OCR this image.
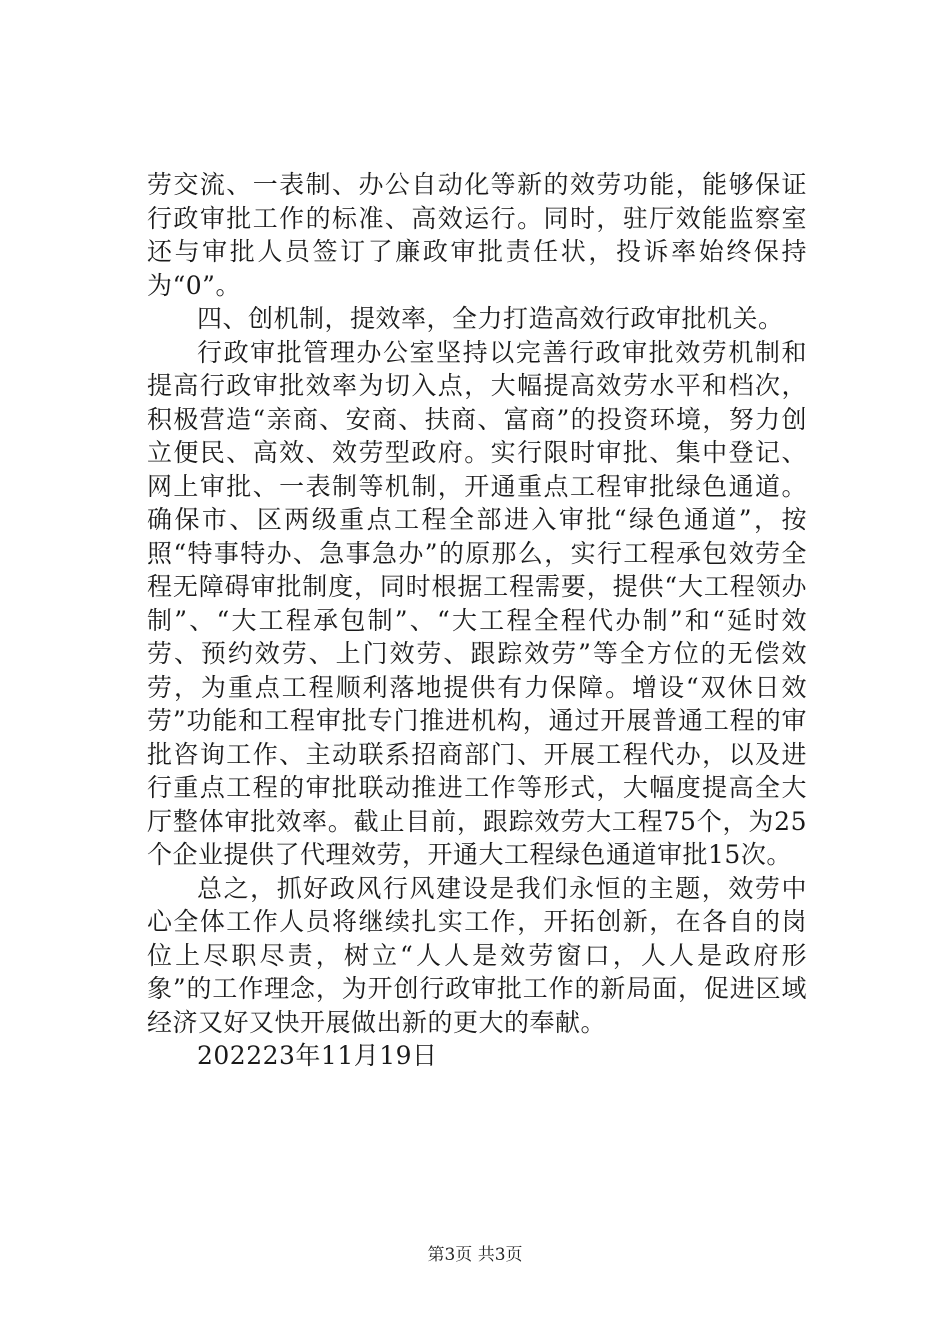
劳交流、一表制、办公自动化等新的效劳功能，能够保证行政审批工作的标准、高效运行。同时，驻厅效能监察室还与审批人员签订了廉政审批责任状，投诉率始终保持为“0”。

四、创机制，提效率，全力打造高效行政审批机关。

行政审批管理办公室坚持以完善行政审批效劳机制和提高行政审批效率为切入点，大幅提高效劳水平和档次，积极营造“亲商、安商、扶商、富商”的投资环境，努力创立便民、高效、效劳型政府。实行限时审批、集中登记、网上审批、一表制等机制，开通重点工程审批绿色通道。确保市、区两级重点工程全部进入审批“绿色通道”，按照“特事特办、急事急办”的原那么，实行工程承包效劳全程无障碍审批制度，同时根据工程需要，提供“大工程领办制”、“大工程承包制”、“大工程全程代办制”和“延时效劳、预约效劳、上门效劳、跟踪效劳”等全方位的无偿效劳，为重点工程顺利落地提供有力保障。增设“双休日效劳”功能和工程审批专门推进机构，通过开展普通工程的审批咨询工作、主动联系招商部门、开展工程代办，以及进行重点工程的审批联动推进工作等形式，大幅度提高全大厅整体审批效率。截止目前，跟踪效劳大工程75个，为25个企业提供了代理效劳，开通大工程绿色通道审批15次。

总之，抓好政风行风建设是我们永恒的主题，效劳中心全体工作人员将继续扎实工作，开拓创新，在各自的岗位上尽职尽责，树立“人人是效劳窗口，人人是政府形象”的工作理念，为开创行政审批工作的新局面，促进区域经济又好又快开展做出新的更大的奉献。

202223年11月19日

第3页 共3页
